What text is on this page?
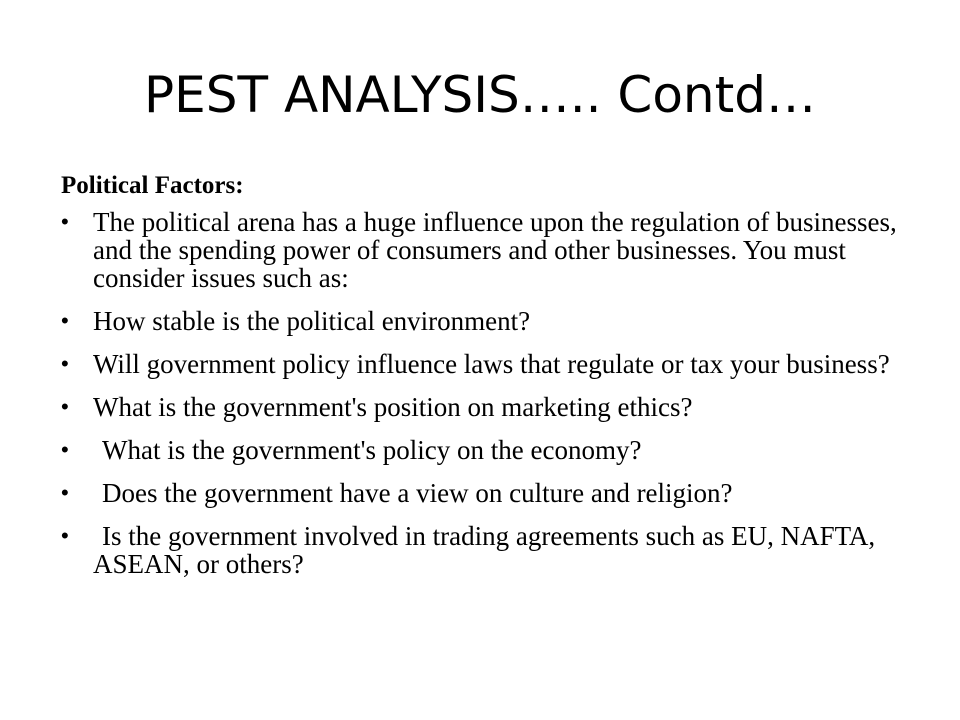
PEST ANALYSIS….. Contd…
Political Factors:
• The political arena has a huge influence upon the regulation of businesses, and the spending power of consumers and other businesses. You must consider issues such as:
• How stable is the political environment?
• Will government policy influence laws that regulate or tax your business?
• What is the government's position on marketing ethics?
• What is the government's policy on the economy?
• Does the government have a view on culture and religion?
• Is the government involved in trading agreements such as EU, NAFTA, ASEAN, or others?
